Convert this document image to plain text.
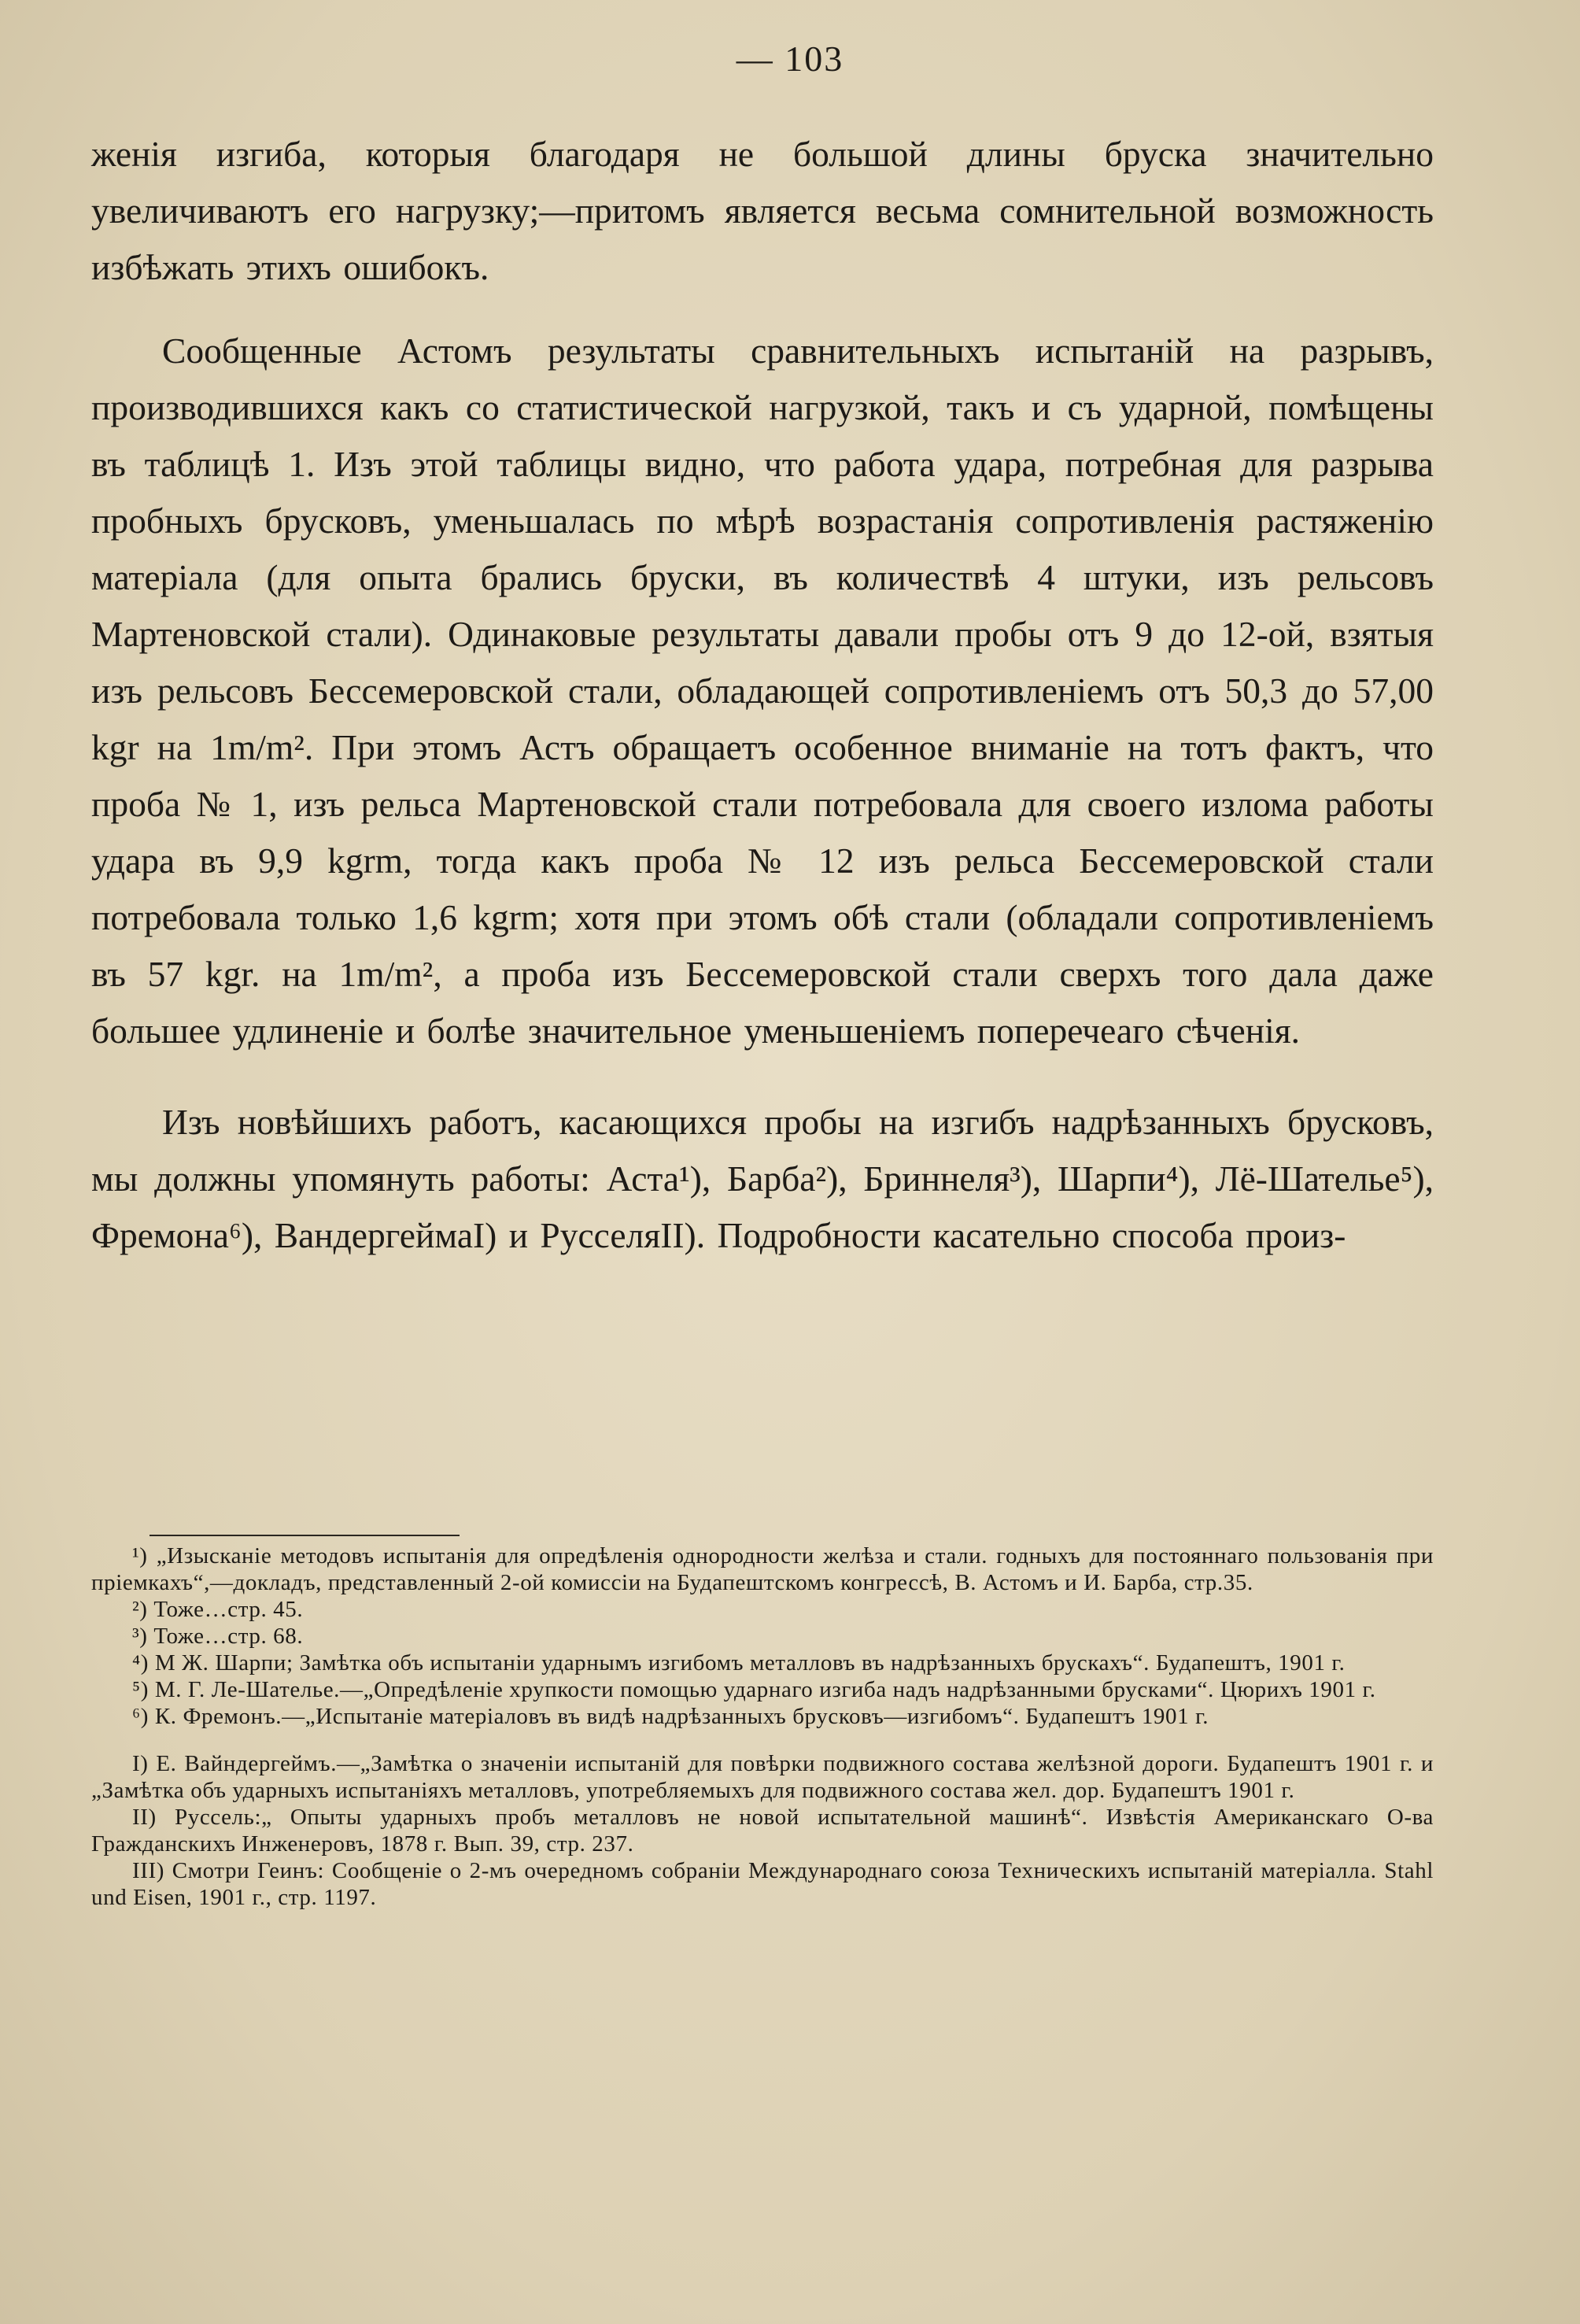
— 103

женія изгиба, которыя благодаря не большой длины бруска значительно увеличиваютъ его нагрузку;—притомъ является весьма сомнительной возможность избѣжать этихъ ошибокъ.

Сообщенные Астомъ результаты сравнительныхъ испытаній на разрывъ, производившихся какъ со статистической нагрузкой, такъ и съ ударной, помѣщены въ таблицѣ 1. Изъ этой таблицы видно, что работа удара, потребная для разрыва пробныхъ брусковъ, уменьшалась по мѣрѣ возрастанія сопротивленія растяженію матеріала (для опыта брались бруски, въ количествѣ 4 штуки, изъ рельсовъ Мартеновской стали). Одинаковые результаты давали пробы отъ 9 до 12-ой, взятыя изъ рельсовъ Бессемеровской стали, обладающей сопротивленіемъ отъ 50,3 до 57,00 kgr на 1m/m². При этомъ Астъ обращаетъ особенное вниманіе на тотъ фактъ, что проба № 1, изъ рельса Мартеновской стали потребовала для своего излома работы удара въ 9,9 kgrm, тогда какъ проба № 12 изъ рельса Бессемеровской стали потребовала только 1,6 kgrm; хотя при этомъ обѣ стали (обладали сопротивленіемъ въ 57 kgr. на 1m/m², а проба изъ Бессемеровской стали сверхъ того дала даже большее удлиненіе и болѣе значительное уменьшеніемъ поперечеаго сѣченія.

Изъ новѣйшихъ работъ, касающихся пробы на изгибъ надрѣзанныхъ брусковъ, мы должны упомянуть работы: Аста¹), Барба²), Бриннеля³), Шарпи⁴), Лё-Шателье⁵), Фремона⁶), ВандергеймаI) и РусселяII). Подробности касательно способа произ-

¹) „Изысканіе методовъ испытанія для опредѣленія однородности желѣза и стали. годныхъ для постояннаго пользованія при пріемкахъ“,—докладъ, представленный 2-ой комиссіи на Будапештскомъ конгрессѣ, В. Астомъ и И. Барба, стр.35.

²) Тоже…стр. 45.

³) Тоже…стр. 68.

⁴) М Ж. Шарпи; Замѣтка объ испытаніи ударнымъ изгибомъ металловъ въ надрѣзанныхъ брускахъ“. Будапештъ, 1901 г.

⁵) М. Г. Ле-Шателье.—„Опредѣленіе хрупкости помощью ударнаго изгиба надъ надрѣзанными брусками“. Цюрихъ 1901 г.

⁶) К. Фремонъ.—„Испытаніе матеріаловъ въ видѣ надрѣзанныхъ брусковъ—изгибомъ“. Будапештъ 1901 г.

I) Е. Вайндергеймъ.—„Замѣтка о значеніи испытаній для повѣрки подвижного состава желѣзной дороги. Будапештъ 1901 г. и „Замѣтка объ ударныхъ испытаніяхъ металловъ, употребляемыхъ для подвижного состава жел. дор. Будапештъ 1901 г.

II) Руссель:„ Опыты ударныхъ пробъ металловъ не новой испытательной машинѣ“. Извѣстія Американскаго О-ва Гражданскихъ Инженеровъ, 1878 г. Вып. 39, стр. 237.

III) Смотри Геинъ: Сообщеніе о 2-мъ очередномъ собраніи Международнаго союза Техническихъ испытаній матеріалла. Stahl und Eisen, 1901 г., стр. 1197.
